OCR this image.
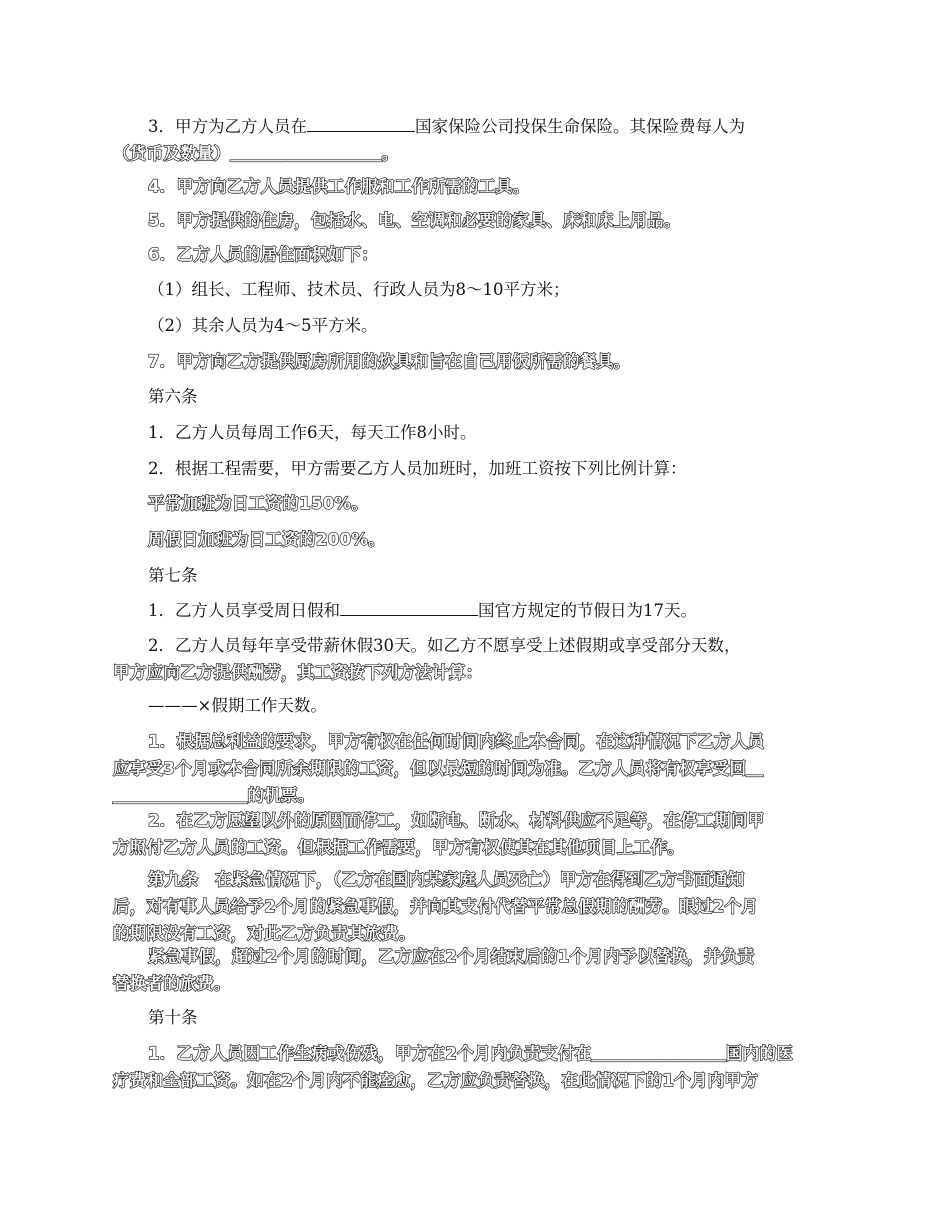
3．甲方为乙方人员在	国家保险公司投保生命保险。其保险费每人为
（货币及数量）＿＿＿＿＿＿＿＿＿。
4．甲方向乙方人员提供工作服和工作所需的工具。
5．甲方提供的住房，包括水、电、空调和必要的家具、床和床上用品。
6．乙方人员的居住面积如下：
（1）组长、工程师、技术员、行政人员为8～10平方米；
（2）其余人员为4～5平方米。
7．甲方向乙方提供厨房所用的炊具和旨在自己用饭所需的餐具。
第六条
1．乙方人员每周工作6天，每天工作8小时。
2．根据工程需要，甲方需要乙方人员加班时，加班工资按下列比例计算：
平常加班为日工资的150%。
周假日加班为日工资的200%。
第七条
1．乙方人员享受周日假和	国官方规定的节假日为17天。
2．乙方人员每年享受带薪休假30天。如乙方不愿享受上述假期或享受部分天数，
甲方应向乙方提供酬劳，其工资按下列方法计算：
———×假期工作天数。
1．根据总利益的要求，甲方有权在任何时间内终止本合同，在这种情况下乙方人员
应享受3个月或本合同所余期限的工资，但以最短的时间为准。乙方人员将有权享受回＿
＿＿＿＿＿＿＿＿的机票。
2．在乙方愿望以外的原因而停工，如断电、断水、材料供应不足等，在停工期间甲
方照付乙方人员的工资。但根据工作需要，甲方有权使其在其他项目上工作。
第九条　在紧急情况下，（乙方在国内某家庭人员死亡）甲方在得到乙方书面通知
后，对有事人员给予2个月的紧急事假，并向其支付代替平常总假期的酬劳。眼过2个月
的期限没有工资，对此乙方负责其旅费。
紧急事假，超过2个月的时间，乙方应在2个月结束后的1个月内予以替换，并负责
替换者的旅费。
第十条
1．乙方人员因工作生病或伤残，甲方在2个月内负责支付在＿＿＿＿＿＿＿＿国内的医
疗费和全部工资。如在2个月内不能痊愈，乙方应负责替换，在此情况下的1个月内甲方
